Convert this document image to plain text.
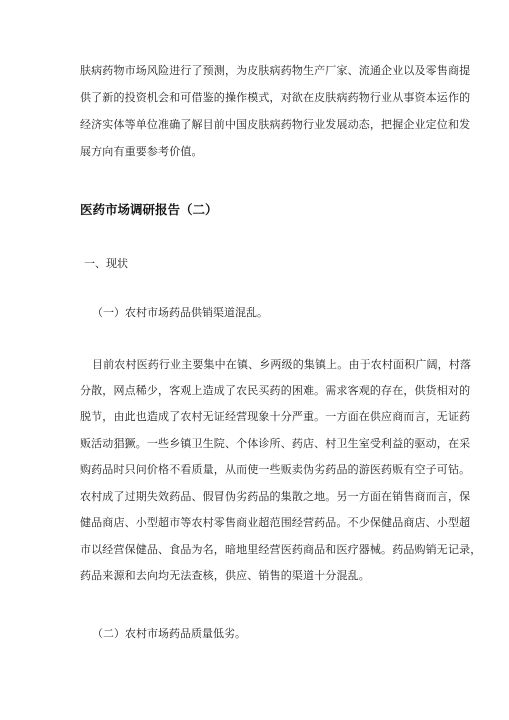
肤病药物市场风险进行了预测，为皮肤病药物生产厂家、流通企业以及零售商提
供了新的投资机会和可借鉴的操作模式，对欲在皮肤病药物行业从事资本运作的
经济实体等单位准确了解目前中国皮肤病药物行业发展动态，把握企业定位和发
展方向有重要参考价值。
医药市场调研报告（二）
一、现状
（一）农村市场药品供销渠道混乱。
目前农村医药行业主要集中在镇、乡两级的集镇上。由于农村面积广阔，村落
分散，网点稀少，客观上造成了农民买药的困难。需求客观的存在，供货相对的
脱节，由此也造成了农村无证经营现象十分严重。一方面在供应商而言，无证药
贩活动猖獗。一些乡镇卫生院、个体诊所、药店、村卫生室受利益的驱动，在采
购药品时只问价格不看质量，从而使一些贩卖伪劣药品的游医药贩有空子可钻。
农村成了过期失效药品、假冒伪劣药品的集散之地。另一方面在销售商而言，保
健品商店、小型超市等农村零售商业超范围经营药品。不少保健品商店、小型超
市以经营保健品、食品为名，暗地里经营医药商品和医疗器械。药品购销无记录，
药品来源和去向均无法查核，供应、销售的渠道十分混乱。
（二）农村市场药品质量低劣。
